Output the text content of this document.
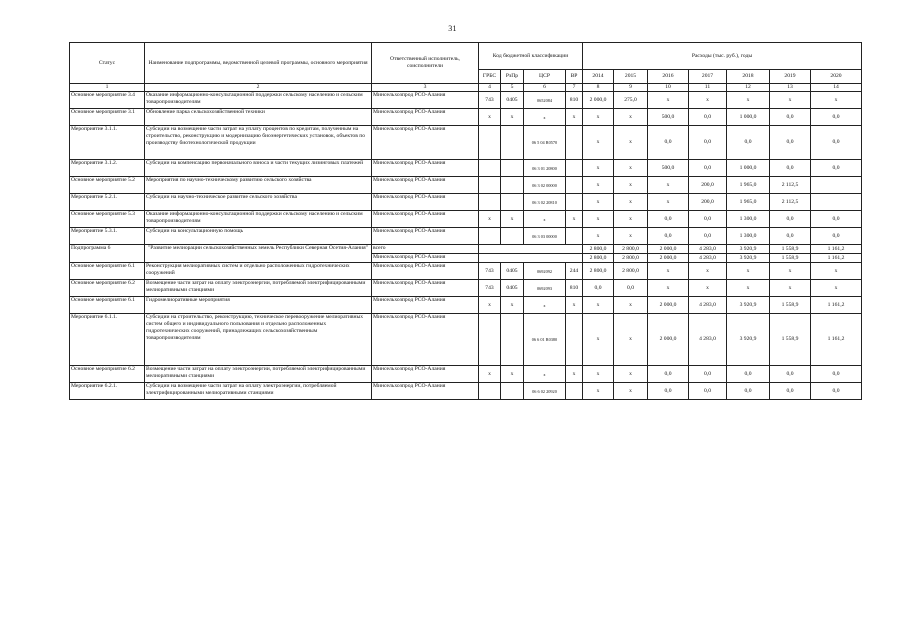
31
Статус	Наименование подпрограммы, ведомственной целевой программы, основного мероприятия	Ответственный исполнитель, соисполнители	Код бюджетной классификации				Расходы (тыс. руб.), годы						
			ГРБС	РзПр	ЦСР	ВР	2014	2015	2016	2017	2018	2019	2020
1	2	3	4	5	6	7	8	9	10	11	12	13	14
Основное мероприятие 3.4	Оказание информационно-консультационной поддержки сельскому населению и сельским товаропроизводителям	Минсельхозпрод РСО-Алания	743	0405	0652084	810	2 000,0	275,0	x	x	x	x	x
Основное мероприятие 3.1	Обновление парка сельскохозяйственной техники	Минсельхозпрод РСО-Алания	x	x	x	x	x	x	500,0	0,0	1 000,0	0,0	0,0
Мероприятие 3.1.1.	Субсидии на возмещение части затрат на уплату процентов по кредитам, полученным на строительство, реконструкцию и модернизацию биоэнергетических установок, объектов по производству биотехнологической продукции	Минсельхозпрод РСО-Алания			06 5 04 R0570		x	x	0,0	0,0	0,0	0,0	0,0
Мероприятие 3.1.2.	Субсидии на компенсацию первоначального взноса и части текущих лизинговых платежей	Минсельхозпрод РСО-Алания			06 3 01 20800		x	x	500,0	0,0	1 000,0	0,0	0,0
Основное мероприятие 5.2	Мероприятия по научно-техническому развитию сельского хозяйства	Минсельхозпрод РСО-Алания			06 3 02 00000		x	x	x	200,0	1 965,0	2 112,5	
Мероприятие 5.2.1.	Субсидии на научно-техническое развитие сельского хозяйства	Минсельхозпрод РСО-Алания			06 3 02 20810		x	x	x	200,0	1 965,0	2 112,5	
Основное мероприятие 5.3	Оказание информационно-консультационной поддержки сельскому населению и сельским товаропроизводителям	Минсельхозпрод РСО-Алания	x	x	x	x	x	x	0,0	0,0	1 300,0	0,0	0,0
Мероприятие 5.3.1.	Субсидии на консультационную помощь	Минсельхозпрод РСО-Алания			06 3 03 00000		x	x	0,0	0,0	1 300,0	0,0	0,0
Подпрограмма 6	"Развитие мелиорации сельскохозяйственных земель Республики Северная Осетия-Алания"	всего					2 800,0	2 800,0	2 000,0	4 283,0	3 920,9	1 558,9	1 161,2
		Минсельхозпрод РСО-Алания					2 800,0	2 800,0	2 000,0	4 283,0	3 920,9	1 558,9	1 161,2
Основное мероприятие 6.1	Реконструкция мелиоративных систем и отдельно расположенных гидротехнических сооружений	Минсельхозпрод РСО-Алания	743	0405	0692092	244	2 800,0	2 800,0	x	x	x	x	x
Основное мероприятие 6.2	Возмещение части затрат на оплату электроэнергии, потребляемой электрифицированными мелиоративными станциями	Минсельхозпрод РСО-Алания	743	0405	0692093	810	0,0	0,0	x	x	x	x	x
Основное мероприятие 6.1	Гидромелиоративные мероприятия	Минсельхозпрод РСО-Алания	x	x	x	x	x	x	2 000,0	4 283,0	3 920,9	1 558,9	1 161,2
Мероприятие 6.1.1.	Субсидии на строительство, реконструкцию, техническое перевооружение мелиоративных систем общего и индивидуального пользования и отдельно расположенных гидротехнических сооружений, принадлежащих сельскохозяйственным товаропроизводителям	Минсельхозпрод РСО-Алания			06 6 01 R0380		x	x	2 000,0	4 283,0	3 920,9	1 558,9	1 161,2
Основное мероприятие 6.2	Возмещение части затрат на оплату электроэнергии, потребляемой электрифицированными мелиоративными станциями	Минсельхозпрод РСО-Алания	x	x	x	x	x	x	0,0	0,0	0,0	0,0	0,0
Мероприятие 6.2.1.	Субсидии на возмещение части затрат на оплату электроэнергии, потребляемой электрифицированными мелиоративными станциями	Минсельхозпрод РСО-Алания			06 6 02 20920		x	x	0,0	0,0	0,0	0,0	0,0
